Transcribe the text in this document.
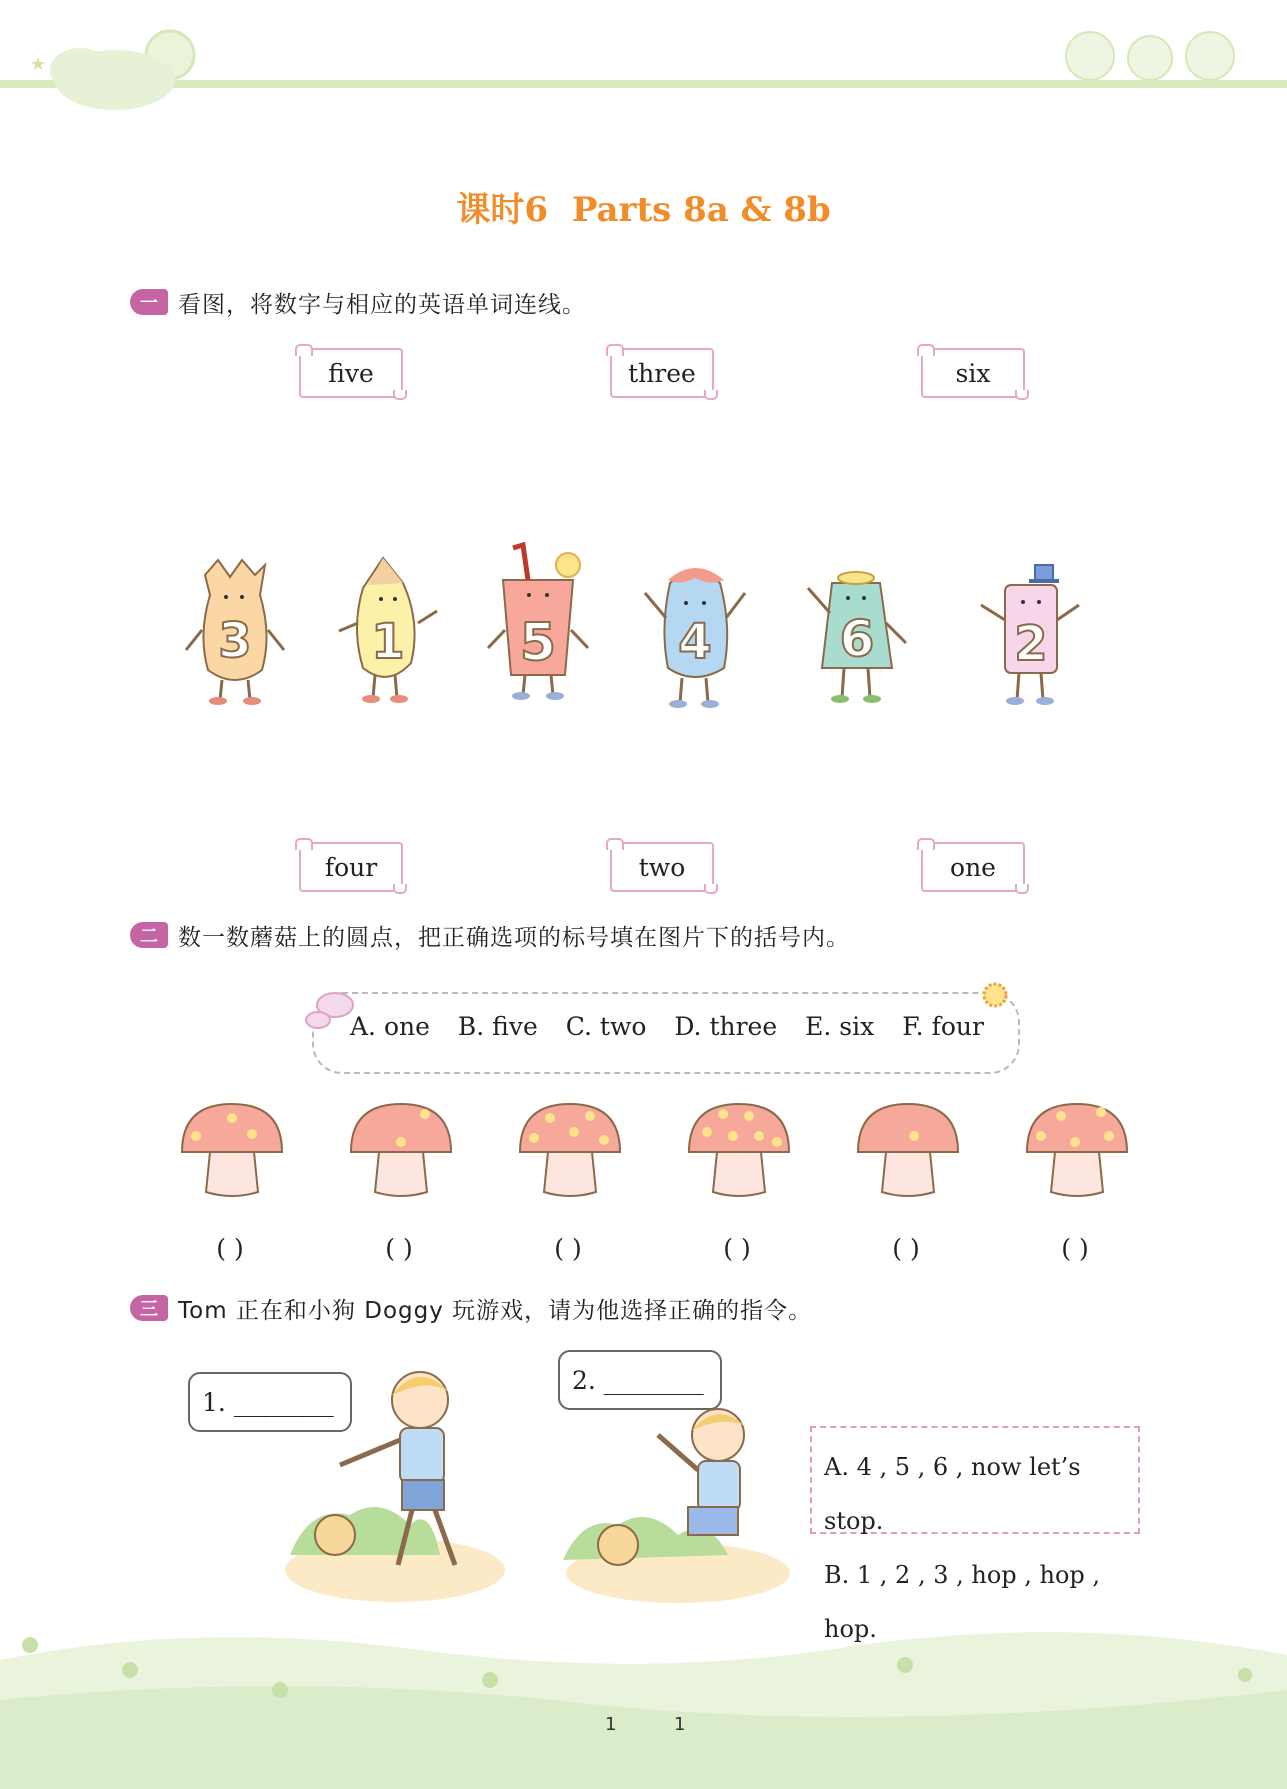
★
课时6 Parts 8a & 8b
一 看图，将数字与相应的英语单词连线。
five	three	six
3 1 5	4	6	2
four	two	one
二 数一数蘑菇上的圆点，把正确选项的标号填在图片下的括号内。
A. one B. five C. two D. three E. six F. four
( )	( )	( )	( )	( )	( )
三 Tom 正在和小狗 Doggy 玩游戏，请为他选择正确的指令。
1. ________
2. ________
A. 4 , 5 , 6 , now let’s stop.
B. 1 , 2 , 3 , hop , hop , hop.
1	1
